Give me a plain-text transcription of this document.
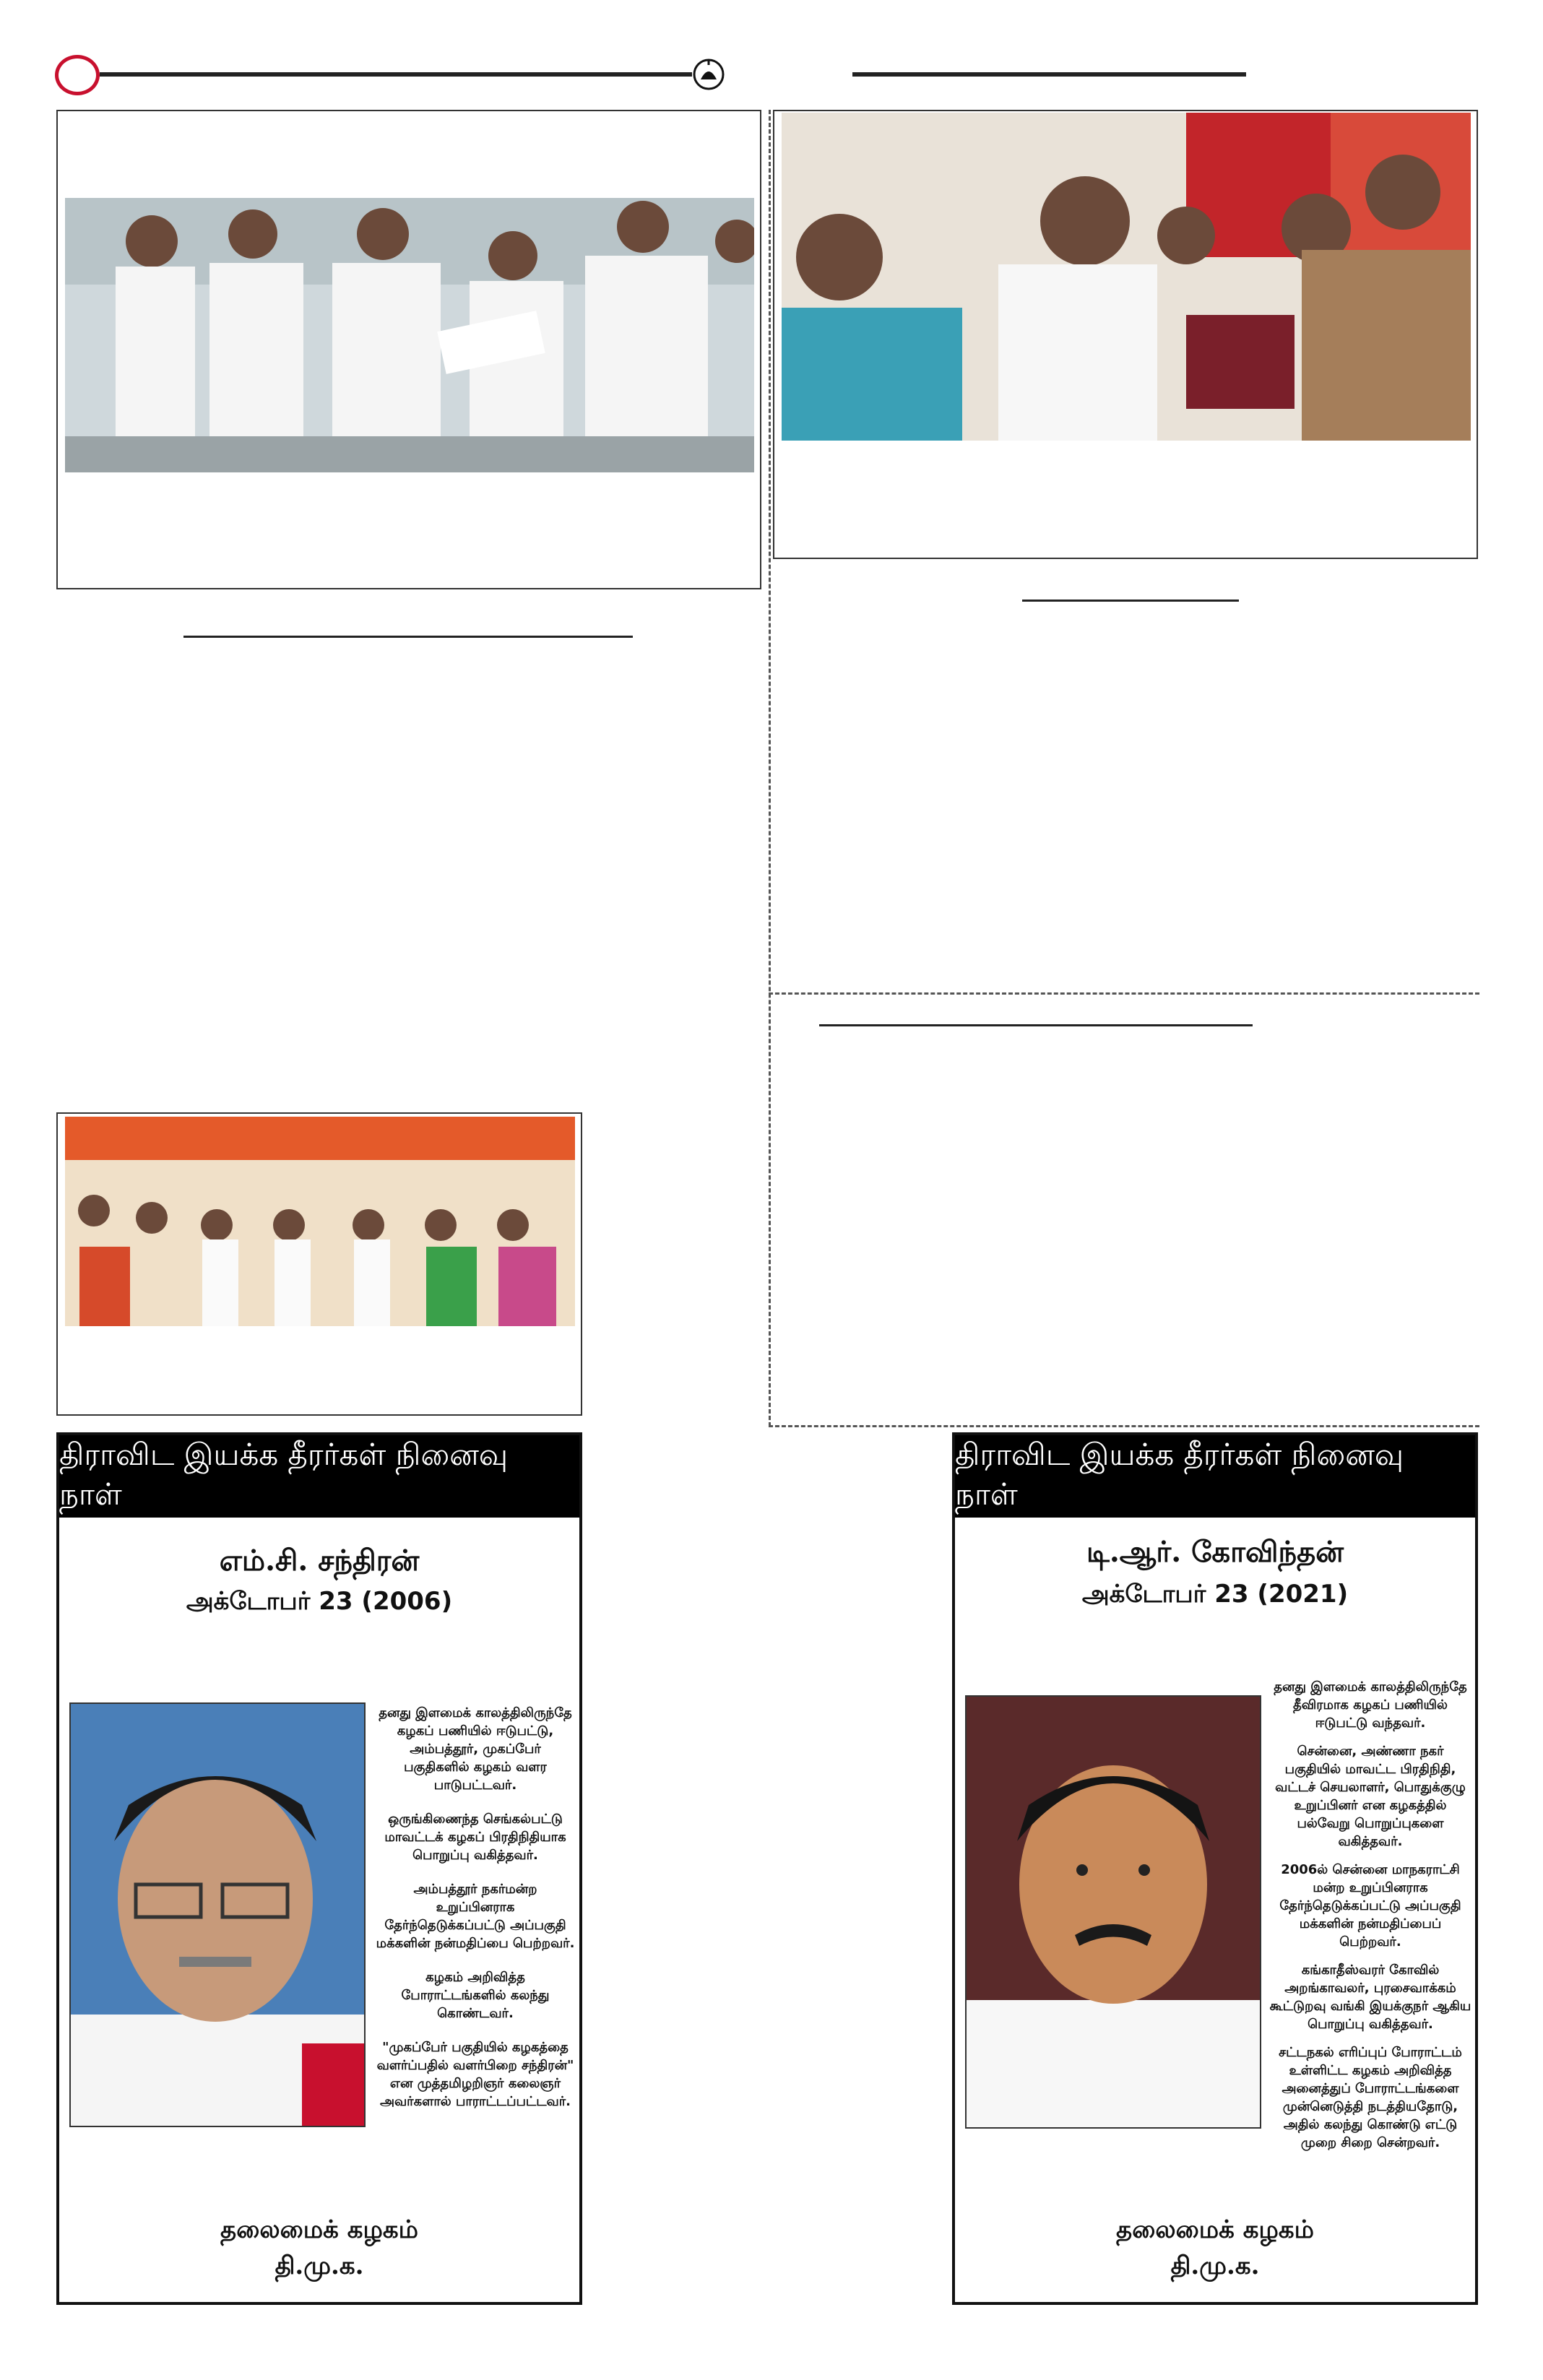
திராவிட இயக்க தீரர்கள் நினைவு நாள்
எம்.சி. சந்திரன்
அக்டோபர் 23 (2006)

தனது இளமைக் காலத்திலிருந்தே கழகப் பணியில் ஈடுபட்டு, அம்பத்தூர், முகப்பேர் பகுதிகளில் கழகம் வளர பாடுபட்டவர்.

ஒருங்கிணைந்த செங்கல்பட்டு மாவட்டக் கழகப் பிரதிநிதியாக பொறுப்பு வகித்தவர்.

அம்பத்தூர் நகர்மன்ற உறுப்பினராக தேர்ந்தெடுக்கப்பட்டு அப்பகுதி மக்களின் நன்மதிப்பை பெற்றவர்.

கழகம் அறிவித்த போராட்டங்களில் கலந்து கொண்டவர்.

"முகப்பேர் பகுதியில் கழகத்தை வளர்ப்பதில் வளர்பிறை சந்திரன்" என முத்தமிழறிஞர் கலைஞர் அவர்களால் பாராட்டப்பட்டவர்.

தலைமைக் கழகம்
தி.மு.க.
திராவிட இயக்க தீரர்கள் நினைவு நாள்
டி.ஆர். கோவிந்தன்
அக்டோபர் 23 (2021)

தனது இளமைக் காலத்திலிருந்தே தீவிரமாக கழகப் பணியில் ஈடுபட்டு வந்தவர்.

சென்னை, அண்ணா நகர் பகுதியில் மாவட்ட பிரதிநிதி, வட்டச் செயலாளர், பொதுக்குழு உறுப்பினர் என கழகத்தில் பல்வேறு பொறுப்புகளை வகித்தவர்.

2006ல் சென்னை மாநகராட்சி மன்ற உறுப்பினராக தேர்ந்தெடுக்கப்பட்டு அப்பகுதி மக்களின் நன்மதிப்பைப் பெற்றவர்.

கங்காதீஸ்வரர் கோவில் அறங்காவலர், புரசைவாக்கம் கூட்டுறவு வங்கி இயக்குநர் ஆகிய பொறுப்பு வகித்தவர்.

சட்டநகல் எரிப்புப் போராட்டம் உள்ளிட்ட கழகம் அறிவித்த அனைத்துப் போராட்டங்களை முன்னெடுத்தி நடத்தியதோடு, அதில் கலந்து கொண்டு எட்டு முறை சிறை சென்றவர்.

தலைமைக் கழகம்
தி.மு.க.
